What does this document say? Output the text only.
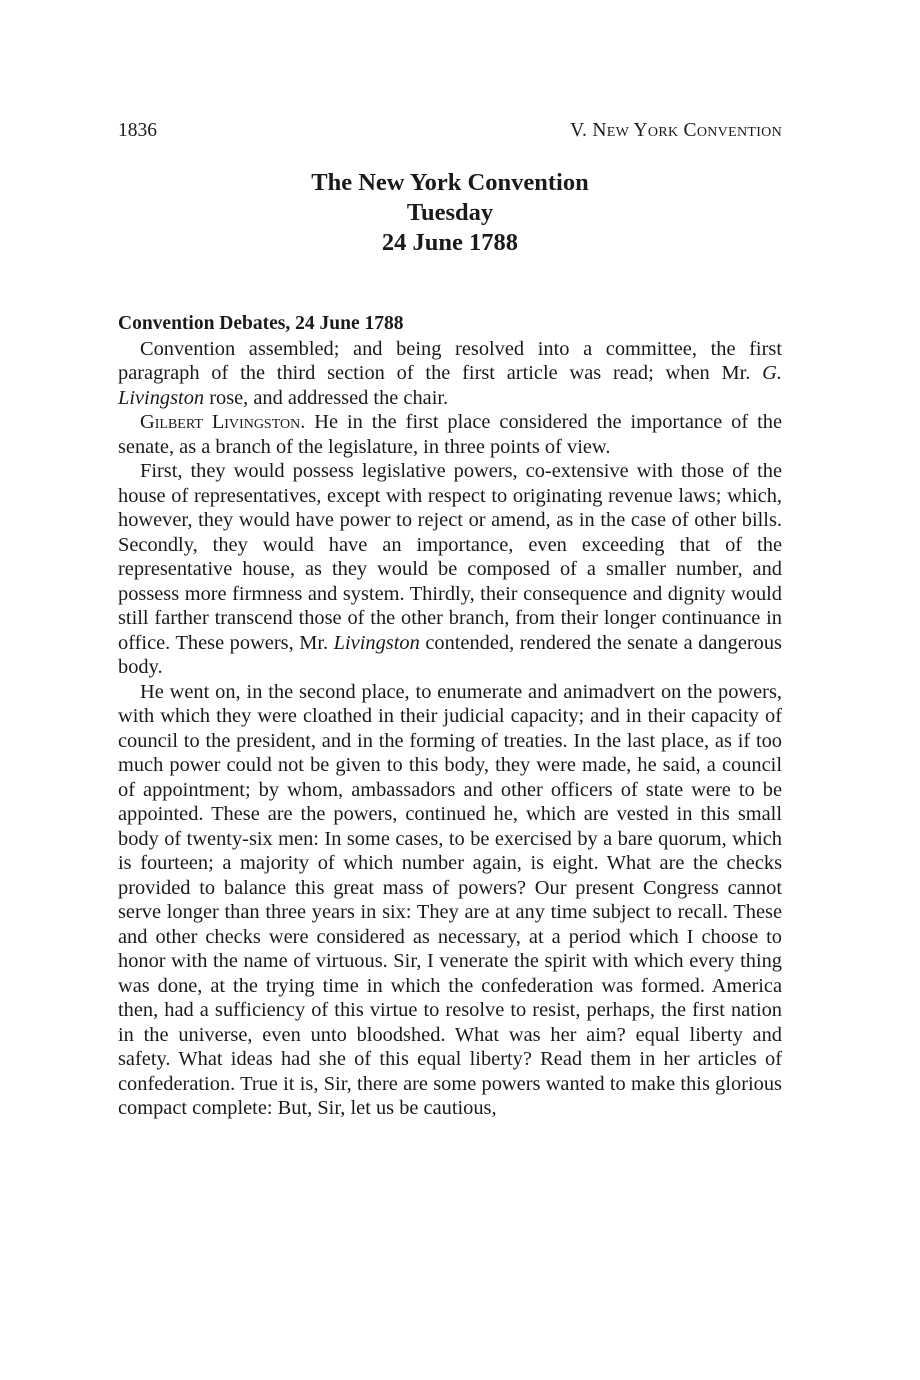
1836	V. New York Convention
The New York Convention
Tuesday
24 June 1788
Convention Debates, 24 June 1788

Convention assembled; and being resolved into a committee, the first paragraph of the third section of the first article was read; when Mr. G. Livingston rose, and addressed the chair.

Gilbert Livingston. He in the first place considered the importance of the senate, as a branch of the legislature, in three points of view.

First, they would possess legislative powers, co-extensive with those of the house of representatives, except with respect to originating revenue laws; which, however, they would have power to reject or amend, as in the case of other bills. Secondly, they would have an importance, even exceeding that of the representative house, as they would be composed of a smaller number, and possess more firmness and system. Thirdly, their consequence and dignity would still farther transcend those of the other branch, from their longer continuance in office. These powers, Mr. Livingston contended, rendered the senate a dangerous body.

He went on, in the second place, to enumerate and animadvert on the powers, with which they were cloathed in their judicial capacity; and in their capacity of council to the president, and in the forming of treaties. In the last place, as if too much power could not be given to this body, they were made, he said, a council of appointment; by whom, ambassadors and other officers of state were to be appointed. These are the powers, continued he, which are vested in this small body of twenty-six men: In some cases, to be exercised by a bare quorum, which is fourteen; a majority of which number again, is eight. What are the checks provided to balance this great mass of powers? Our present Congress cannot serve longer than three years in six: They are at any time subject to recall. These and other checks were considered as necessary, at a period which I choose to honor with the name of virtuous. Sir, I venerate the spirit with which every thing was done, at the trying time in which the confederation was formed. America then, had a sufficiency of this virtue to resolve to resist, perhaps, the first nation in the universe, even unto bloodshed. What was her aim? equal liberty and safety. What ideas had she of this equal liberty? Read them in her articles of confederation. True it is, Sir, there are some powers wanted to make this glorious compact complete: But, Sir, let us be cautious,
